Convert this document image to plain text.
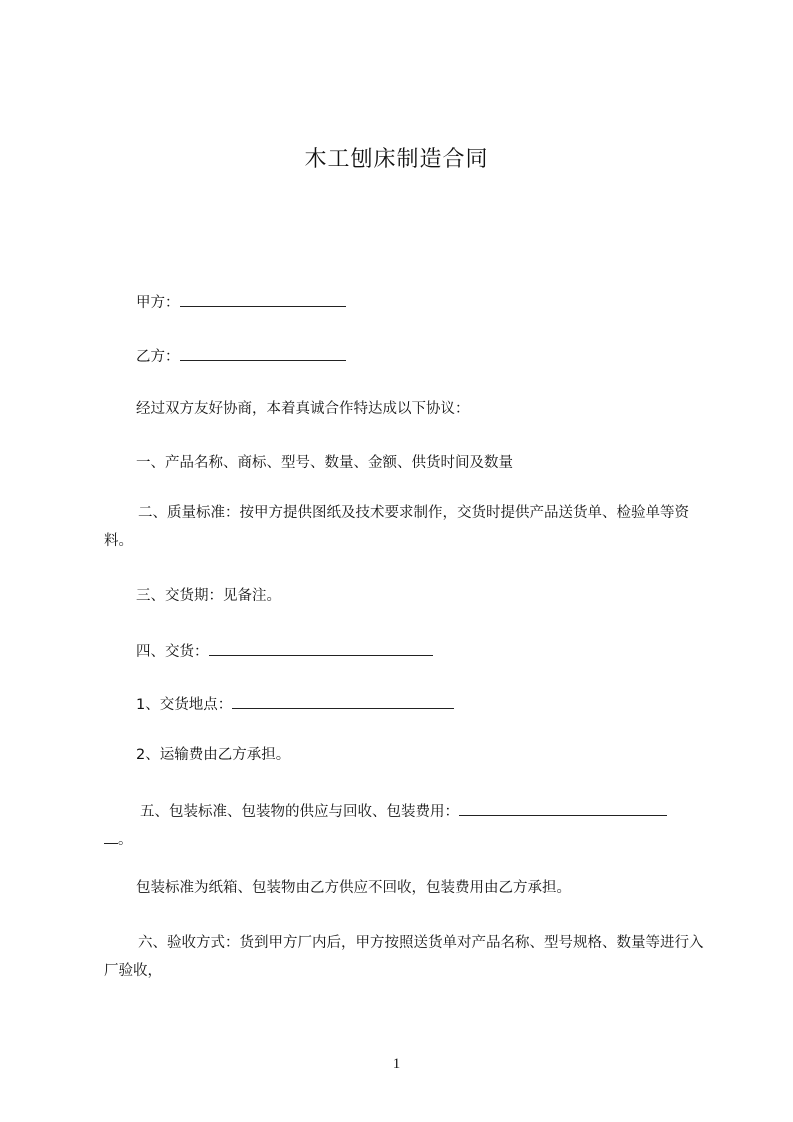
木工刨床制造合同
甲方：
乙方：
经过双方友好协商，本着真诚合作特达成以下协议：
一、产品名称、商标、型号、数量、金额、供货时间及数量
二、质量标准：按甲方提供图纸及技术要求制作，交货时提供产品送货单、检验单等资料。
三、交货期：见备注。
四、交货：
1、交货地点：
2、运输费由乙方承担。
五、包装标准、包装物的供应与回收、包装费用：
。
包装标准为纸箱、包装物由乙方供应不回收，包装费用由乙方承担。
六、验收方式：货到甲方厂内后，甲方按照送货单对产品名称、型号规格、数量等进行入厂验收，
1
